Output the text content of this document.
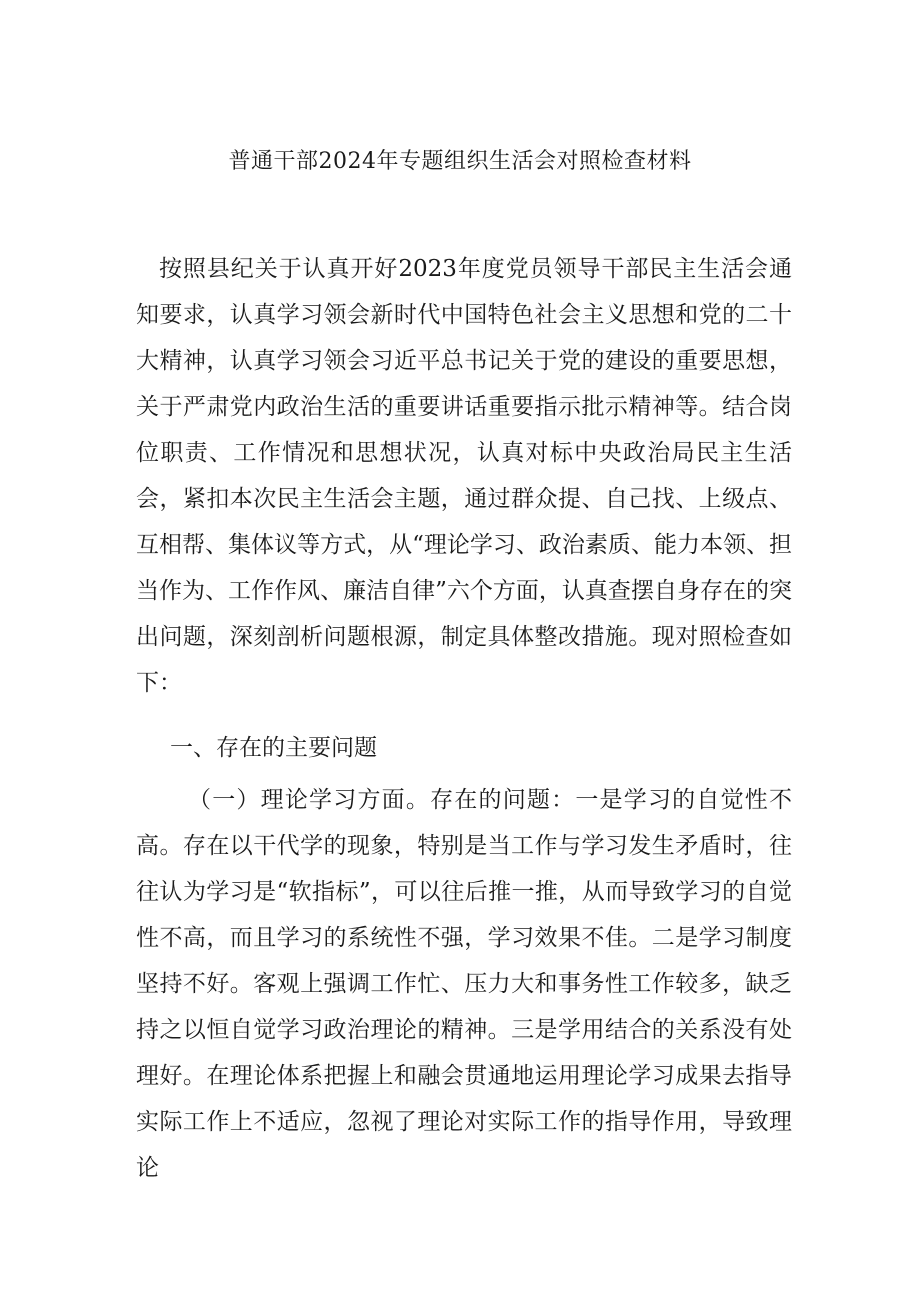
普通干部2024年专题组织生活会对照检查材料
按照县纪关于认真开好2023年度党员领导干部民主生活会通知要求，认真学习领会新时代中国特色社会主义思想和党的二十大精神，认真学习领会习近平总书记关于党的建设的重要思想，关于严肃党内政治生活的重要讲话重要指示批示精神等。结合岗位职责、工作情况和思想状况，认真对标中央政治局民主生活会，紧扣本次民主生活会主题，通过群众提、自己找、上级点、互相帮、集体议等方式，从“理论学习、政治素质、能力本领、担当作为、工作作风、廉洁自律”六个方面，认真查摆自身存在的突出问题，深刻剖析问题根源，制定具体整改措施。现对照检查如下：
一、存在的主要问题
（一）理论学习方面。存在的问题：一是学习的自觉性不高。存在以干代学的现象，特别是当工作与学习发生矛盾时，往往认为学习是“软指标”，可以往后推一推，从而导致学习的自觉性不高，而且学习的系统性不强，学习效果不佳。二是学习制度坚持不好。客观上强调工作忙、压力大和事务性工作较多，缺乏持之以恒自觉学习政治理论的精神。三是学用结合的关系没有处理好。在理论体系把握上和融会贯通地运用理论学习成果去指导实际工作上不适应，忽视了理论对实际工作的指导作用，导致理论
